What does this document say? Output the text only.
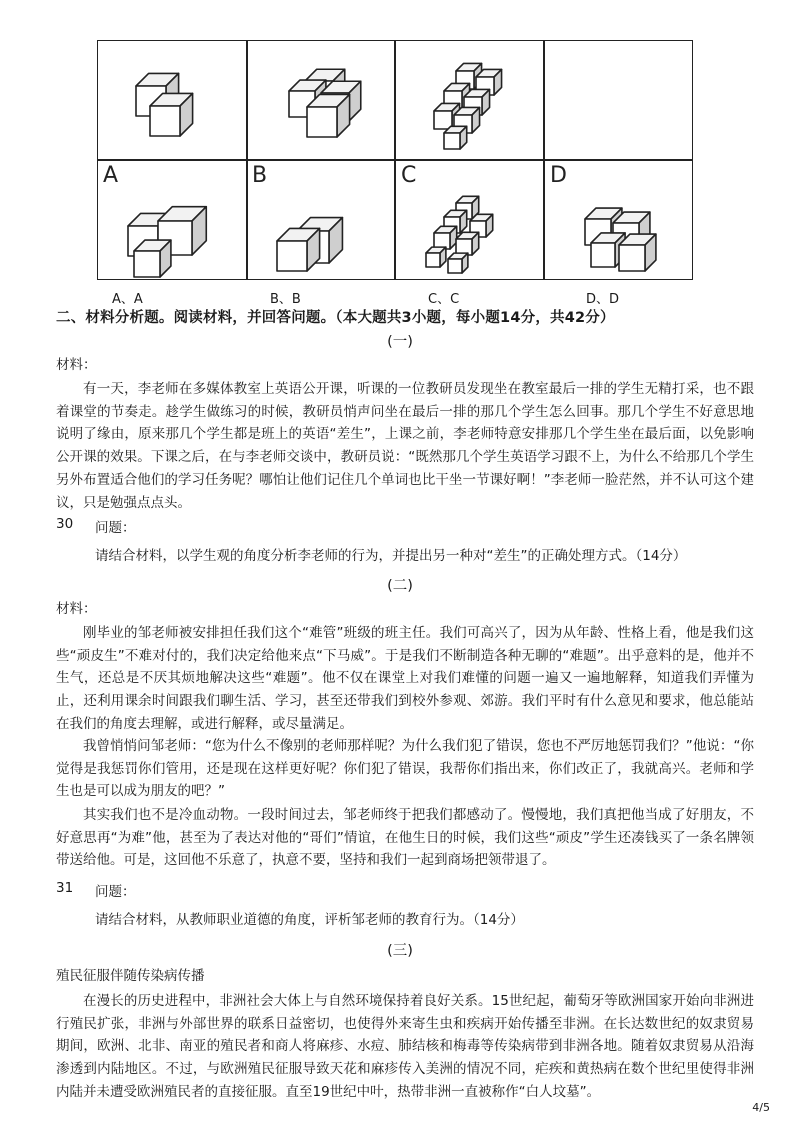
A	B	C	D
A、A	B、B	C、C	D、D
二、材料分析题。阅读材料，并回答问题。（本大题共3小题，每小题14分，共42分）
(一)
材料：

有一天，李老师在多媒体教室上英语公开课，听课的一位教研员发现坐在教室最后一排的学生无精打采，也不跟着课堂的节奏走。趁学生做练习的时候，教研员悄声问坐在最后一排的那几个学生怎么回事。那几个学生不好意思地说明了缘由，原来那几个学生都是班上的英语“差生”，上课之前，李老师特意安排那几个学生坐在最后面，以免影响公开课的效果。下课之后，在与李老师交谈中，教研员说：“既然那几个学生英语学习跟不上，为什么不给那几个学生另外布置适合他们的学习任务呢？哪怕让他们记住几个单词也比干坐一节课好啊！”李老师一脸茫然，并不认可这个建议，只是勉强点点头。

30 问题：
请结合材料，以学生观的角度分析李老师的行为，并提出另一种对“差生”的正确处理方式。（14分）
(二)
材料：

刚毕业的邹老师被安排担任我们这个“难管”班级的班主任。我们可高兴了，因为从年龄、性格上看，他是我们这些“顽皮生”不难对付的，我们决定给他来点“下马威”。于是我们不断制造各种无聊的“难题”。出乎意料的是，他并不生气，还总是不厌其烦地解决这些“难题”。他不仅在课堂上对我们难懂的问题一遍又一遍地解释，知道我们弄懂为止，还利用课余时间跟我们聊生活、学习，甚至还带我们到校外参观、郊游。我们平时有什么意见和要求，他总能站在我们的角度去理解，或进行解释，或尽量满足。

我曾悄悄问邹老师：“您为什么不像别的老师那样呢？为什么我们犯了错误，您也不严厉地惩罚我们？”他说：“你觉得是我惩罚你们管用，还是现在这样更好呢？你们犯了错误，我帮你们指出来，你们改正了，我就高兴。老师和学生也是可以成为朋友的吧？”

其实我们也不是冷血动物。一段时间过去，邹老师终于把我们都感动了。慢慢地，我们真把他当成了好朋友，不好意思再“为难”他，甚至为了表达对他的“哥们”情谊，在他生日的时候，我们这些“顽皮”学生还凑钱买了一条名牌领带送给他。可是，这回他不乐意了，执意不要，坚持和我们一起到商场把领带退了。

31 问题：
请结合材料，从教师职业道德的角度，评析邹老师的教育行为。（14分）
(三)
殖民征服伴随传染病传播

在漫长的历史进程中，非洲社会大体上与自然环境保持着良好关系。15世纪起，葡萄牙等欧洲国家开始向非洲进行殖民扩张，非洲与外部世界的联系日益密切，也使得外来寄生虫和疾病开始传播至非洲。在长达数世纪的奴隶贸易期间，欧洲、北非、南亚的殖民者和商人将麻疹、水痘、肺结核和梅毒等传染病带到非洲各地。随着奴隶贸易从沿海渗透到内陆地区。不过，与欧洲殖民征服导致天花和麻疹传入美洲的情况不同，疟疾和黄热病在数个世纪里使得非洲内陆并未遭受欧洲殖民者的直接征服。直至19世纪中叶，热带非洲一直被称作“白人坟墓”。

4/5
